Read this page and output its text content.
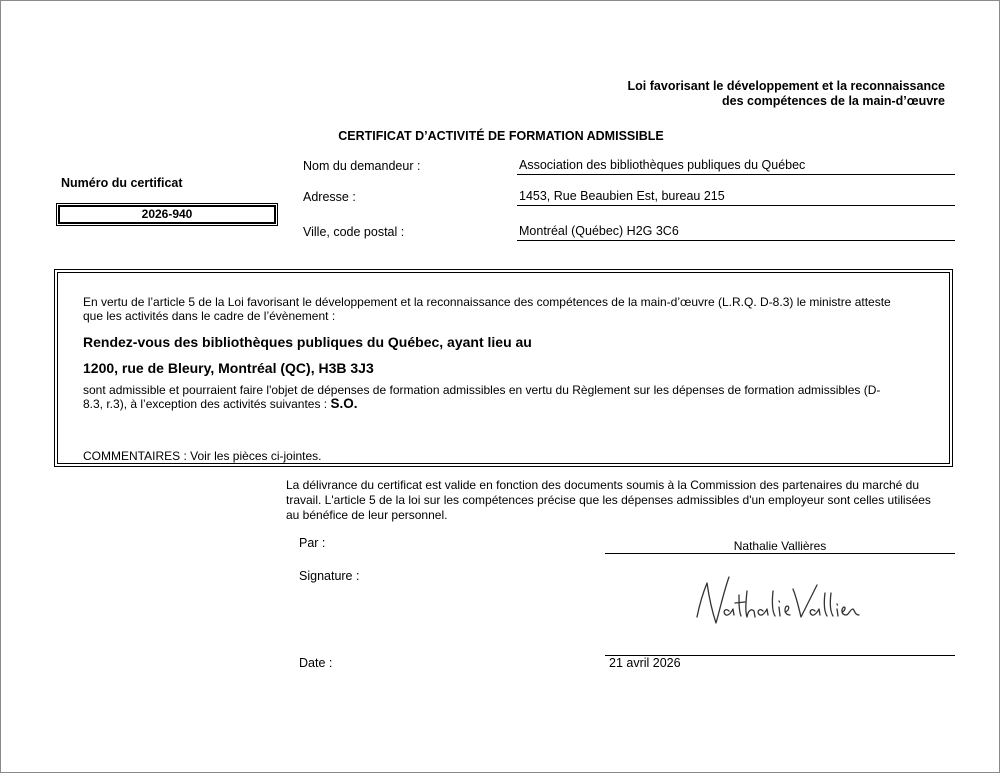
Loi favorisant le développement et la reconnaissance
des compétences de la main-d’œuvre
CERTIFICAT D’ACTIVITÉ DE FORMATION ADMISSIBLE
Numéro du certificat
2026-940
Nom du demandeur :	Association des bibliothèques publiques du Québec
Adresse :	1453, Rue Beaubien Est, bureau 215
Ville, code postal :	Montréal (Québec) H2G 3C6
En vertu de l’article 5 de la Loi favorisant le développement et la reconnaissance des compétences de la main-d’œuvre (L.R.Q. D-8.3) le ministre atteste
que les activités dans le cadre de l’évènement :
Rendez-vous des bibliothèques publiques du Québec, ayant lieu au
1200, rue de Bleury, Montréal (QC), H3B 3J3
sont admissible et pourraient faire l'objet de dépenses de formation admissibles en vertu du Règlement sur les dépenses de formation admissibles (D-
8.3, r.3), à l’exception des activités suivantes : S.O.
COMMENTAIRES : Voir les pièces ci-jointes.
La délivrance du certificat est valide en fonction des documents soumis à la Commission des partenaires du marché du
travail. L'article 5 de la loi sur les compétences précise que les dépenses admissibles d'un employeur sont celles utilisées
au bénéfice de leur personnel.
Par :	Nathalie Vallières
Signature :
Date :	21 avril 2026
